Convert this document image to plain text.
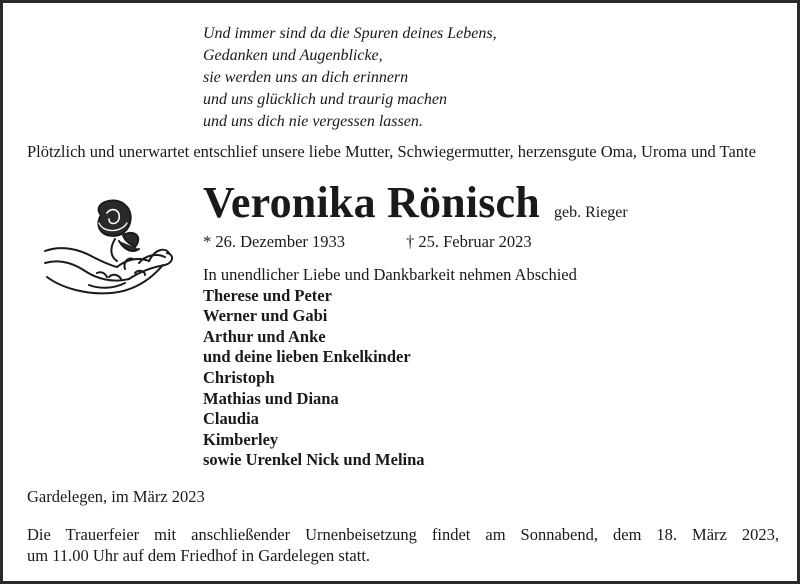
Und immer sind da die Spuren deines Lebens,
Gedanken und Augenblicke,
sie werden uns an dich erinnern
und uns glücklich und traurig machen
und uns dich nie vergessen lassen.
Plötzlich und unerwartet entschlief unsere liebe Mutter, Schwiegermutter, herzensgute Oma, Uroma und Tante
Veronika Rönisch geb. Rieger
* 26. Dezember 1933	† 25. Februar 2023
In unendlicher Liebe und Dankbarkeit nehmen Abschied
Therese und Peter
Werner und Gabi
Arthur und Anke
und deine lieben Enkelkinder
Christoph
Mathias und Diana
Claudia
Kimberley
sowie Urenkel Nick und Melina
Gardelegen, im März 2023
Die Trauerfeier mit anschließender Urnenbeisetzung findet am Sonnabend, dem 18. März 2023,
um 11.00 Uhr auf dem Friedhof in Gardelegen statt.
